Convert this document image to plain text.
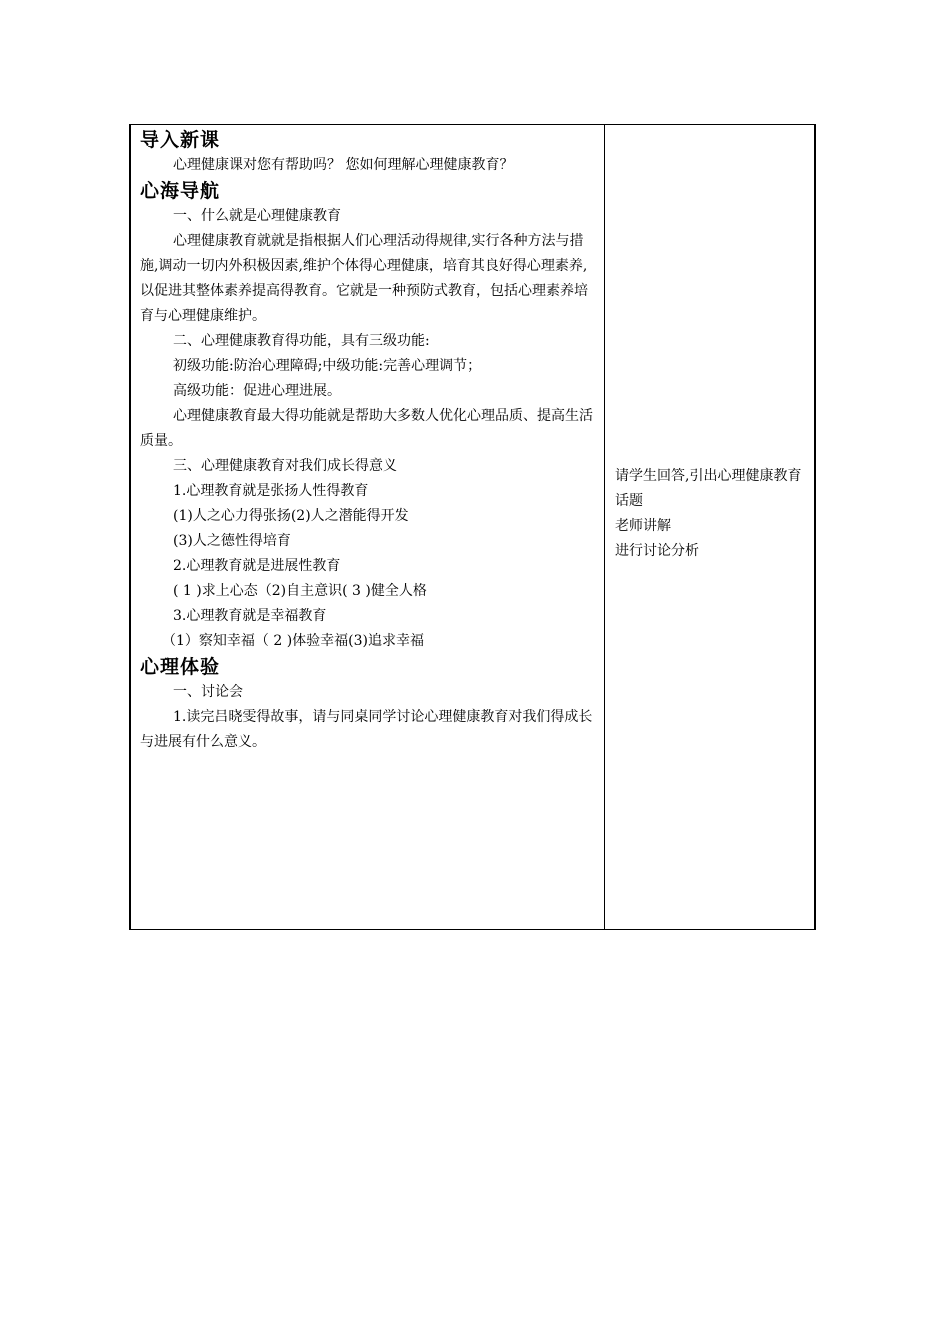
导入新课

心理健康课对您有帮助吗？ 您如何理解心理健康教育？

心海导航

一、什么就是心理健康教育

心理健康教育就就是指根据人们心理活动得规律,实行各种方法与措施,调动一切内外积极因素,维护个体得心理健康，培育其良好得心理素养,以促进其整体素养提高得教育。它就是一种预防式教育，包括心理素养培育与心理健康维护。

二、心理健康教育得功能，具有三级功能:

初级功能:防治心理障碍;中级功能:完善心理调节；

高级功能：促进心理进展。

心理健康教育最大得功能就是帮助大多数人优化心理品质、提高生活质量。

三、心理健康教育对我们成长得意义

1.心理教育就是张扬人性得教育

(1)人之心力得张扬(2)人之潜能得开发

(3)人之德性得培育

2.心理教育就是进展性教育

( 1 )求上心态（2)自主意识( 3 )健全人格

3.心理教育就是幸福教育

（1）察知幸福（ 2 )体验幸福(3)追求幸福

心理体验

一、讨论会

1.读完吕晓雯得故事，请与同桌同学讨论心理健康教育对我们得成长与进展有什么意义。

请学生回答,引出心理健康教育话题

老师讲解

进行讨论分析
